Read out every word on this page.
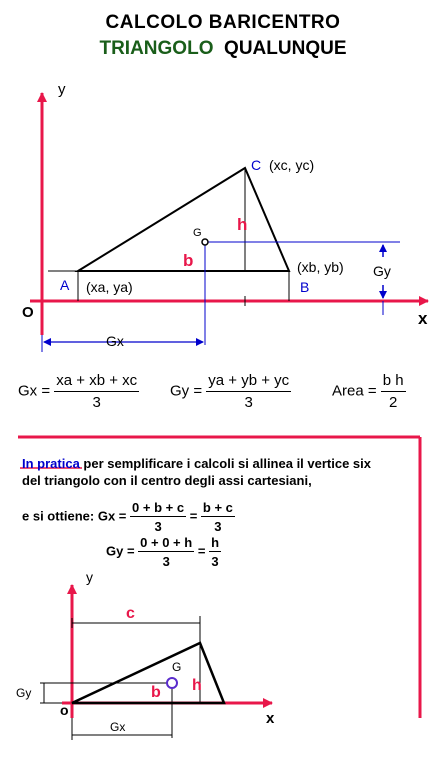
CALCOLO BARICENTRO
TRIANGOLO QUALUNQUE
y
x
O
A (xa, ya)	B
(xb, yb)
C (xc, yc)
G h
b
Gx
Gy
y
x
o
c
G
h
b
Gy
Gx
$Gx = \frac{xa + xb + xc}{3}$ $Gy = \frac{ya + yb + yc}{3}$	Area = $\frac{\text{b h}}{2}$
In pratica per semplificare i calcoli si allinea il vertice six
del triangolo con il centro degli assi cartesiani,
e si ottiene: $Gx = \frac{0 + b + c}{3} = \frac{b + c}{3}$
$Gy = \frac{0 + 0 + h}{3} = \frac{h}{3}$
